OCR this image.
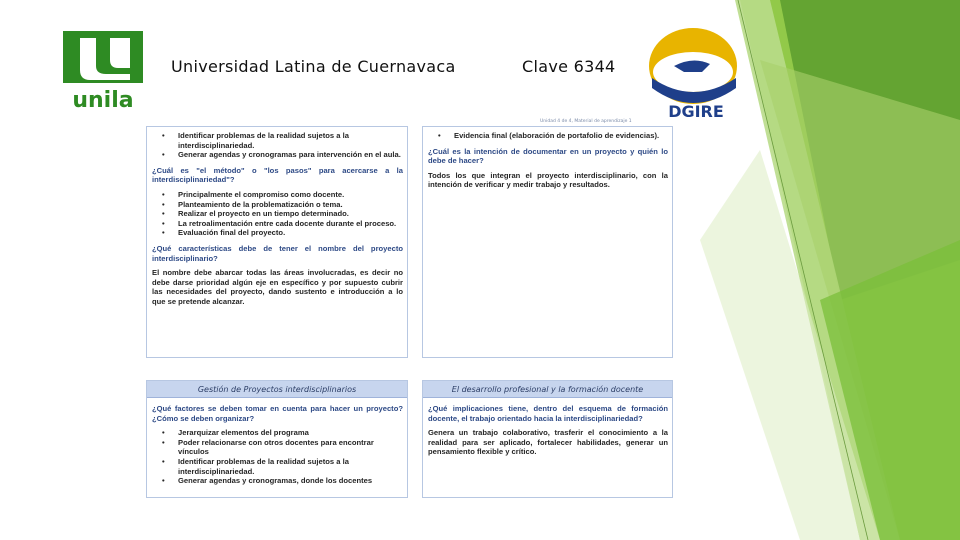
unila
Universidad Latina de Cuernavaca	Clave 6344
DGIRE
Unidad 4 de 4, Material de aprendizaje 1
• Identificar problemas de la realidad sujetos a la interdisciplinariedad.
• Generar agendas y cronogramas para intervención en el aula.
¿Cuál es "el método" o "los pasos" para acercarse a la interdisciplinariedad"?
• Principalmente el compromiso como docente.
• Planteamiento de la problematización o tema.
• Realizar el proyecto en un tiempo determinado.
• La retroalimentación entre cada docente durante el proceso.
• Evaluación final del proyecto.
¿Qué características debe de tener el nombre del proyecto interdisciplinario?
El nombre debe abarcar todas las áreas involucradas, es decir no debe darse prioridad algún eje en específico y por supuesto cubrir las necesidades del proyecto, dando sustento e introducción a lo que se pretende alcanzar.
• Evidencia final (elaboración de portafolio de evidencias).
¿Cuál es la intención de documentar en un proyecto y quién lo debe de hacer?
Todos los que integran el proyecto interdisciplinario, con la intención de verificar y medir trabajo y resultados.
Gestión de Proyectos interdisciplinarios
¿Qué factores se deben tomar en cuenta para hacer un proyecto? ¿Cómo se deben organizar?
• Jerarquizar elementos del programa
• Poder relacionarse con otros docentes para encontrar vínculos
• Identificar problemas de la realidad sujetos a la interdisciplinariedad.
• Generar agendas y cronogramas, donde los docentes
El desarrollo profesional y la formación docente
¿Qué implicaciones tiene, dentro del esquema de formación docente, el trabajo orientado hacia la interdisciplinariedad?
Genera un trabajo colaborativo, trasferir el conocimiento a la realidad para ser aplicado, fortalecer habilidades, generar un pensamiento flexible y crítico.
